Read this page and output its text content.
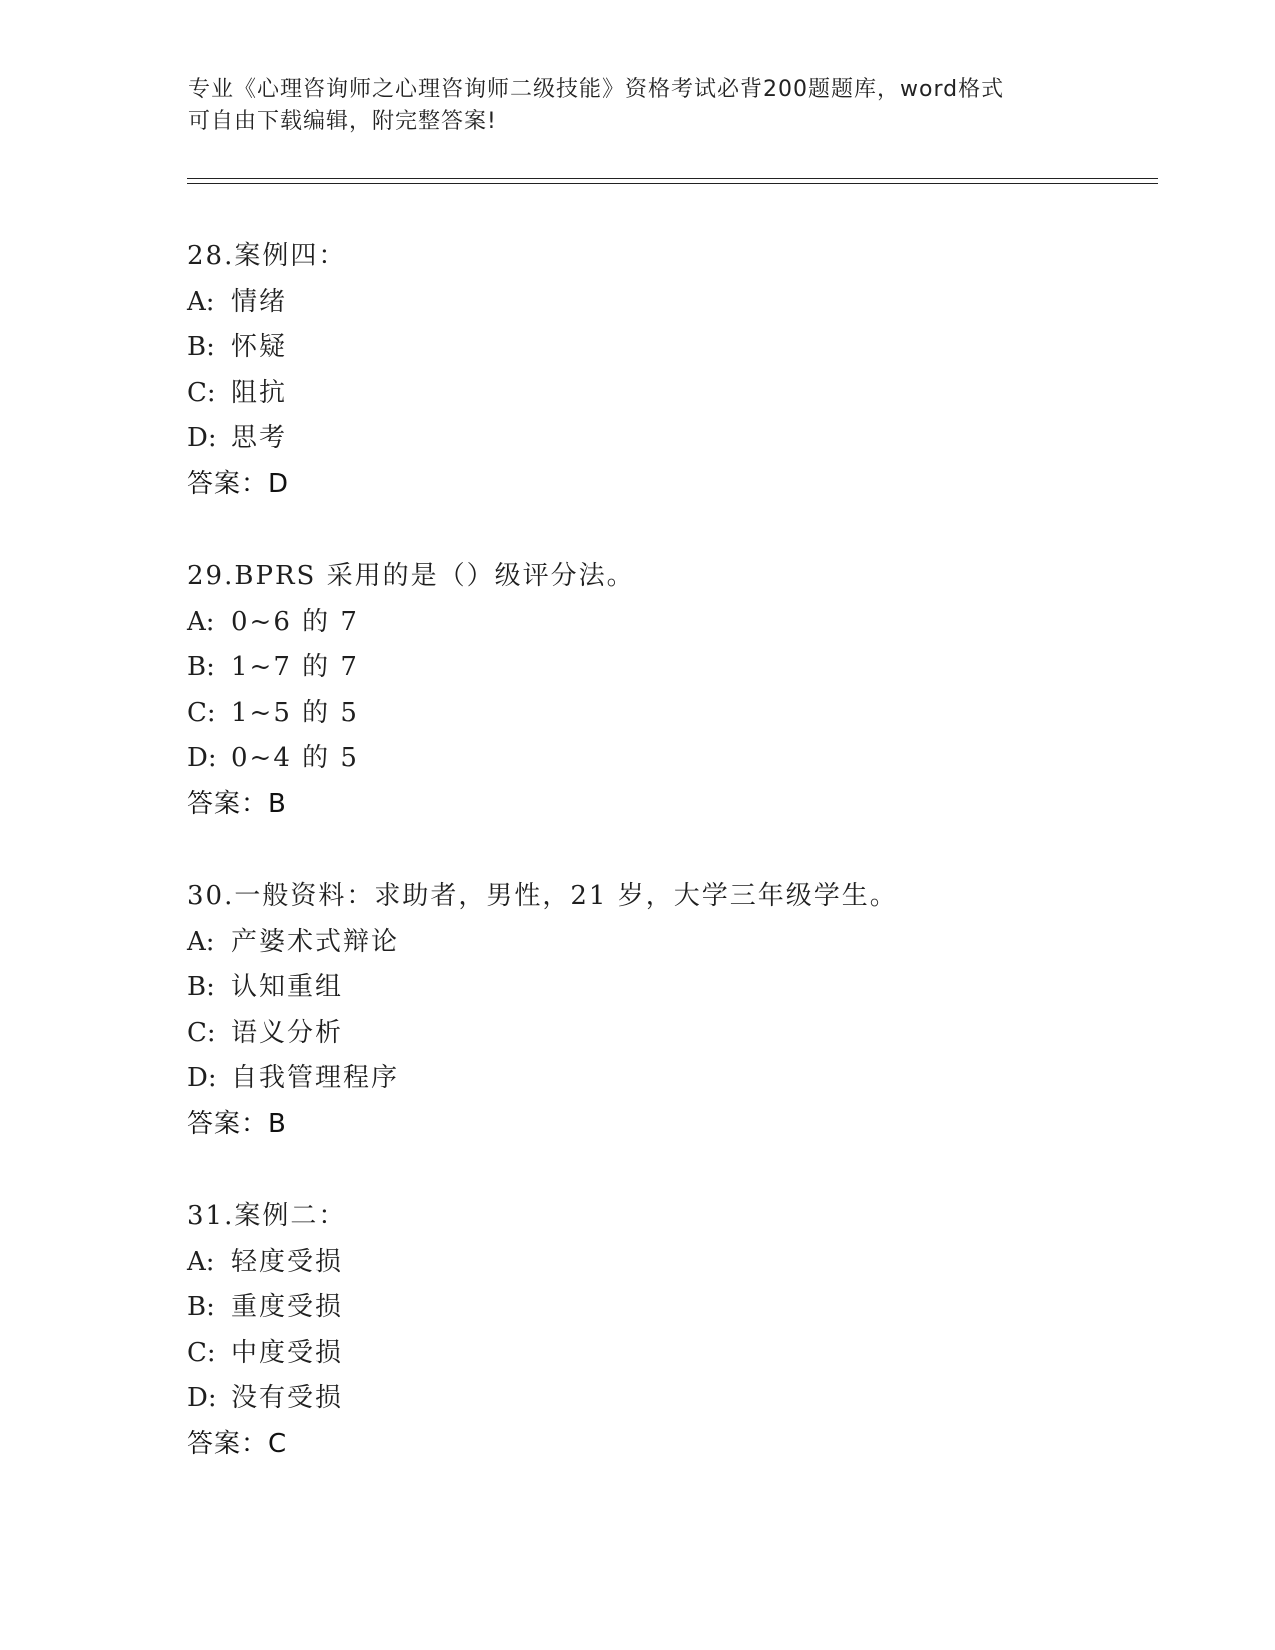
专业《心理咨询师之心理咨询师二级技能》资格考试必背200题题库，word格式
可自由下载编辑，附完整答案!
28.案例四：
A: 情绪
B: 怀疑
C: 阻抗
D: 思考
答案：D
29.BPRS 采用的是（）级评分法。
A: 0~6 的 7
B: 1~7 的 7
C: 1~5 的 5
D: 0~4 的 5
答案：B
30.一般资料：求助者，男性，21 岁，大学三年级学生。
A: 产婆术式辩论
B: 认知重组
C: 语义分析
D: 自我管理程序
答案：B
31.案例二：
A: 轻度受损
B: 重度受损
C: 中度受损
D: 没有受损
答案：C
